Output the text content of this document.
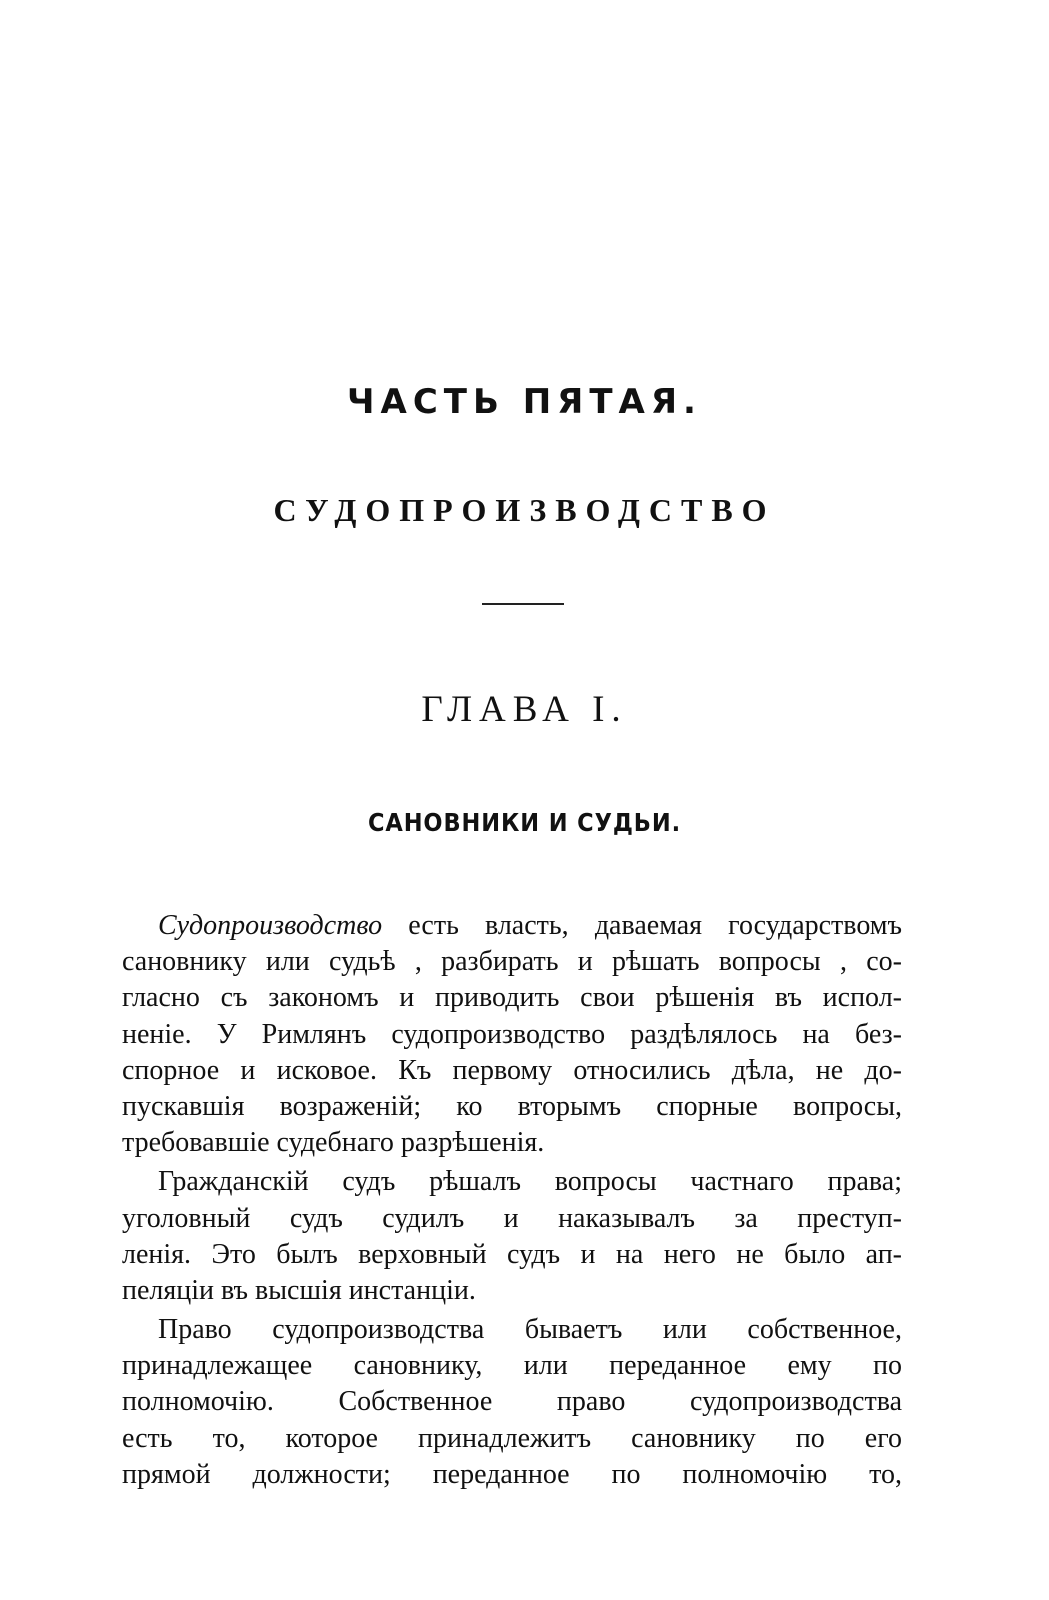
ЧАСТЬ ПЯТАЯ.
СУДОПРОИЗВОДСТВО
ГЛАВА I.
САНОВНИКИ И СУДЬИ.
Судопроизводство есть власть, даваемая государствомъ
сановнику или судьѣ , разбирать и рѣшать вопросы , со-
гласно съ закономъ и приводить свои рѣшенія въ испол-
неніе. У Римлянъ судопроизводство раздѣлялось на без-
спорное и исковое. Къ первому относились дѣла, не до-
пускавшія возраженій; ко вторымъ спорные вопросы,
требовавшіе судебнаго разрѣшенія.
Гражданскій судъ рѣшалъ вопросы частнаго права;
уголовный судъ судилъ и наказывалъ за преступ-
ленія. Это былъ верховный судъ и на него не было ап-
пеляціи въ высшія инстанціи.
Право судопроизводства бываетъ или собственное,
принадлежащее сановнику, или переданное ему по
полномочію. Собственное право судопроизводства
есть то, которое принадлежитъ сановнику по его
прямой должности; переданное по полномочію то,
